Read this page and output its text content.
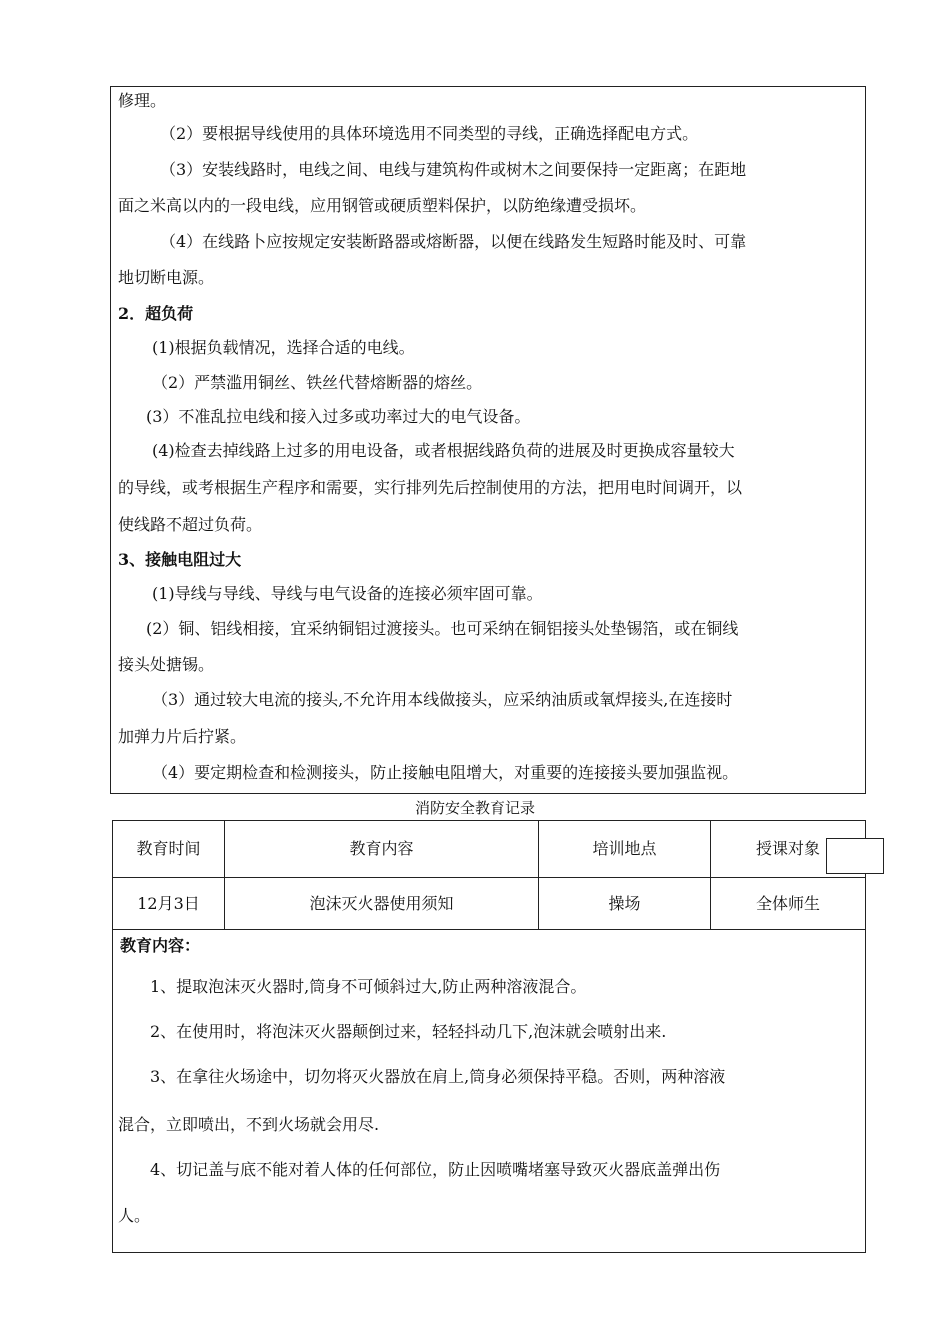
修理。
（2）要根据导线使用的具体环境选用不同类型的寻线，正确选择配电方式。
（3）安装线路时，电线之间、电线与建筑构件或树木之间要保持一定距离；在距地
面之米高以内的一段电线，应用钢管或硬质塑料保护，以防绝缘遭受损坏。
（4）在线路卜应按规定安装断路器或熔断器，以便在线路发生短路时能及时、可靠
地切断电源。
2．超负荷
(1)根据负载情况，选择合适的电线。
（2）严禁滥用铜丝、铁丝代替熔断器的熔丝。
(3）不准乱拉电线和接入过多或功率过大的电气设备。
(4)检查去掉线路上过多的用电设备，或者根据线路负荷的进展及时更换成容量较大
的导线，或考根据生产程序和需要，实行排列先后控制使用的方法，把用电时间调开，以
使线路不超过负荷。
3、接触电阻过大
(1)导线与导线、导线与电气设备的连接必须牢固可靠。
(2）铜、铝线相接，宜采纳铜铝过渡接头。也可采纳在铜铝接头处垫锡箔，或在铜线
接头处搪锡。
（3）通过较大电流的接头,不允许用本线做接头，应采纳油质或氧焊接头,在连接时
加弹力片后拧紧。
（4）要定期检查和检测接头，防止接触电阻增大，对重要的连接接头要加强监视。
消防安全教育记录
教育时间	教育内容	培训地点	授课对象
12月3日	泡沫灭火器使用须知	操场	全体师生
教育内容：
1、提取泡沫灭火器时,筒身不可倾斜过大,防止两种溶液混合。
2、在使用时，将泡沫灭火器颠倒过来，轻轻抖动几下,泡沫就会喷射出来.
3、在拿往火场途中，切勿将灭火器放在肩上,筒身必须保持平稳。否则，两种溶液
混合，立即喷出，不到火场就会用尽.
4、切记盖与底不能对着人体的任何部位，防止因喷嘴堵塞导致灭火器底盖弹出伤
人。
